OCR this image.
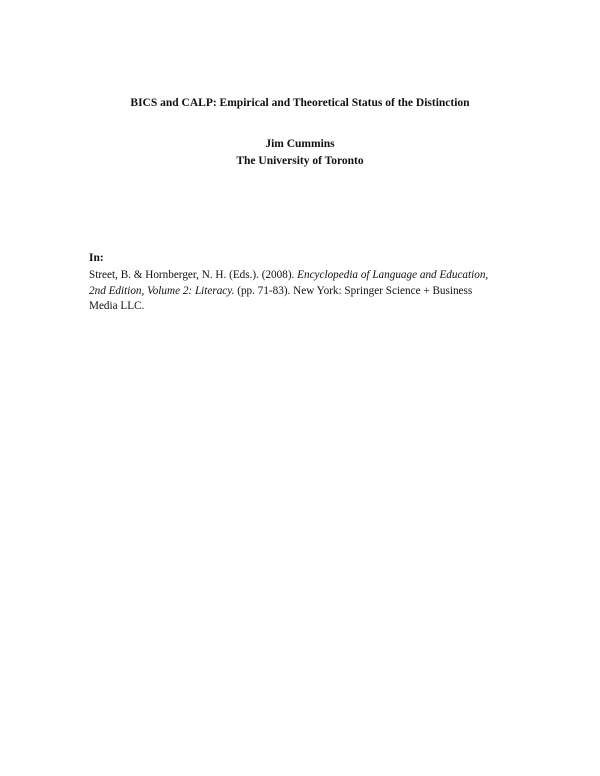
BICS and CALP: Empirical and Theoretical Status of the Distinction
Jim Cummins
The University of Toronto
In:
Street, B. & Hornberger, N. H. (Eds.). (2008). Encyclopedia of Language and Education,
2nd Edition, Volume 2: Literacy. (pp. 71-83). New York: Springer Science + Business
Media LLC.
